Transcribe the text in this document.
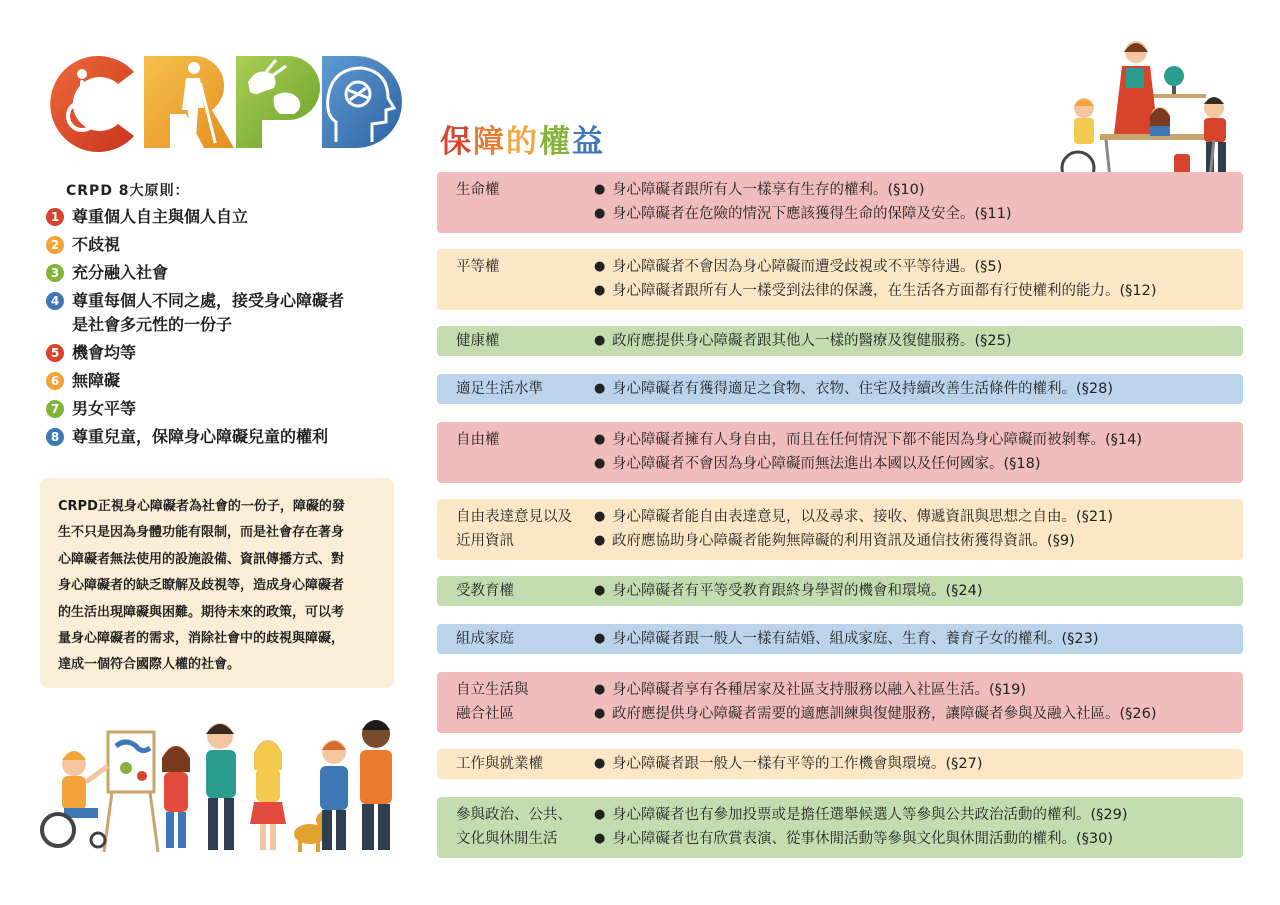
CRPD 8大原則：
1 尊重個人自主與個人自立
2 不歧視
3 充分融入社會
4 尊重每個人不同之處，接受身心障礙者
是社會多元性的一份子
5 機會均等
6 無障礙
7 男女平等
8 尊重兒童，保障身心障礙兒童的權利
CRPD正視身心障礙者為社會的一份子，障礙的發
生不只是因為身體功能有限制，而是社會存在著身
心障礙者無法使用的設施設備、資訊傳播方式、對
身心障礙者的缺乏瞭解及歧視等，造成身心障礙者
的生活出現障礙與困難。期待未來的政策，可以考
量身心障礙者的需求，消除社會中的歧視與障礙，
達成一個符合國際人權的社會。
保障的權益
生命權	● 身心障礙者跟所有人一樣享有生存的權利。(§10)
● 身心障礙者在危險的情況下應該獲得生命的保障及安全。(§11)
平等權	● 身心障礙者不會因為身心障礙而遭受歧視或不平等待遇。(§5)
● 身心障礙者跟所有人一樣受到法律的保護，在生活各方面都有行使權利的能力。(§12)
健康權	● 政府應提供身心障礙者跟其他人一樣的醫療及復健服務。(§25)
適足生活水準	● 身心障礙者有獲得適足之食物、衣物、住宅及持續改善生活條件的權利。(§28)
自由權	● 身心障礙者擁有人身自由，而且在任何情況下都不能因為身心障礙而被剝奪。(§14)
● 身心障礙者不會因為身心障礙而無法進出本國以及任何國家。(§18)
自由表達意見以及
近用資訊
● 身心障礙者能自由表達意見，以及尋求、接收、傳遞資訊與思想之自由。(§21)
● 政府應協助身心障礙者能夠無障礙的利用資訊及通信技術獲得資訊。(§9)
受教育權	● 身心障礙者有平等受教育跟終身學習的機會和環境。(§24)
組成家庭	● 身心障礙者跟一般人一樣有結婚、組成家庭、生育、養育子女的權利。(§23)
自立生活與
融合社區
● 身心障礙者享有各種居家及社區支持服務以融入社區生活。(§19)
● 政府應提供身心障礙者需要的適應訓練與復健服務，讓障礙者參與及融入社區。(§26)
工作與就業權	● 身心障礙者跟一般人一樣有平等的工作機會與環境。(§27)
參與政治、公共、
文化與休閒生活
● 身心障礙者也有參加投票或是擔任選舉候選人等參與公共政治活動的權利。(§29)
● 身心障礙者也有欣賞表演、從事休閒活動等參與文化與休閒活動的權利。(§30)
